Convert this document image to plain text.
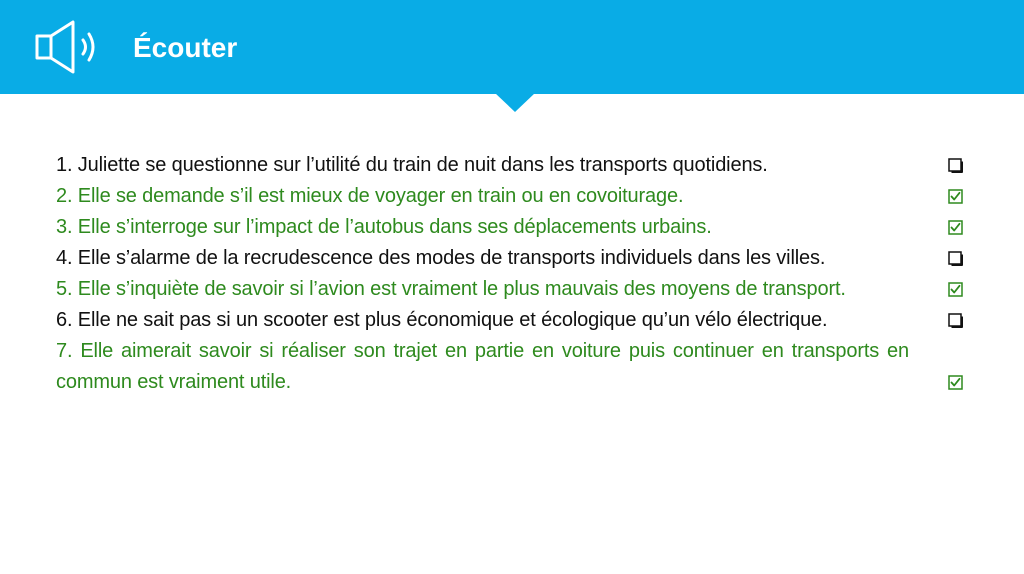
Écouter
1. Juliette se questionne sur l’utilité du train de nuit dans les transports quotidiens.
2. Elle se demande s’il est mieux de voyager en train ou en covoiturage.
3. Elle s’interroge sur l’impact de l’autobus dans ses déplacements urbains.
4. Elle s’alarme de la recrudescence des modes de transports individuels dans les villes.
5. Elle s’inquiète de savoir si l’avion est vraiment le plus mauvais des moyens de transport.
6. Elle ne sait pas si un scooter est plus économique et écologique qu’un vélo électrique.
7. Elle aimerait savoir si réaliser son trajet en partie en voiture puis continuer en transports en commun est vraiment utile.
